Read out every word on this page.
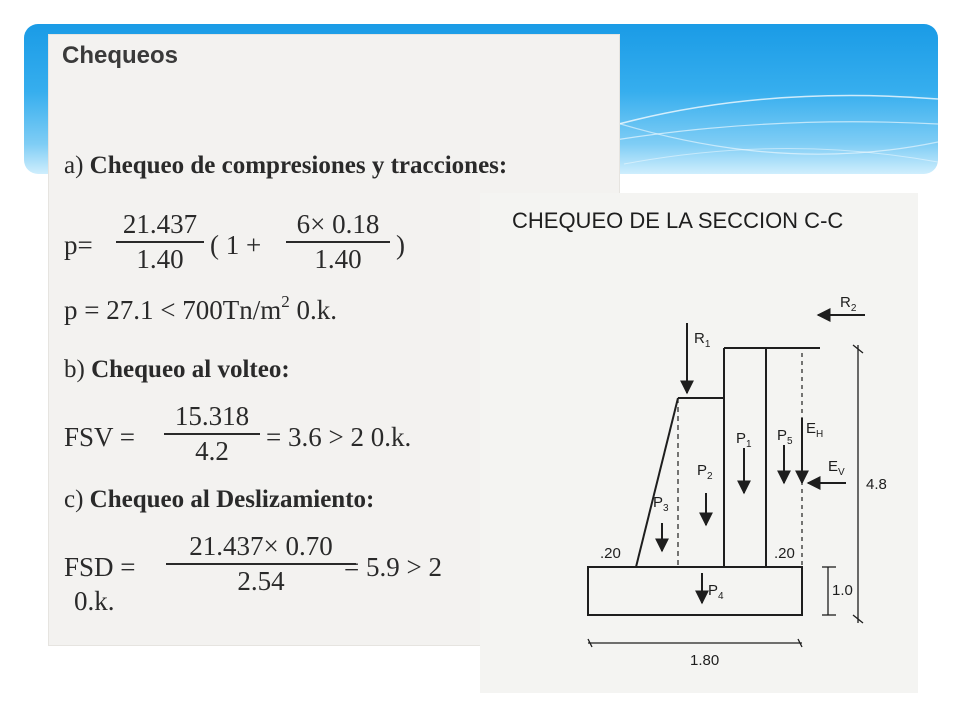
Chequeos
a) Chequeo de compresiones y tracciones:
p=
21.437
1.40 ( 1 +
6× 0.18
1.40	)
$p = 27.1 < 700Tn/m^2$ 0.k.
b) Chequeo al volteo:
FSV =
15.318
4.2	= 3.6 > 2 0.k.
c) Chequeo al Deslizamiento:
FSD =
21.437× 0.70
2.54	= 5.9 > 2
0.k.
CHEQUEO DE LA SECCION C-C
$R_1$
$R_2$
$P_1$
$P_2$
$P_3$
$P_4$
$P_5$
$E_H$
$E_V$
.20	.20
4.8
1.0
1.80
